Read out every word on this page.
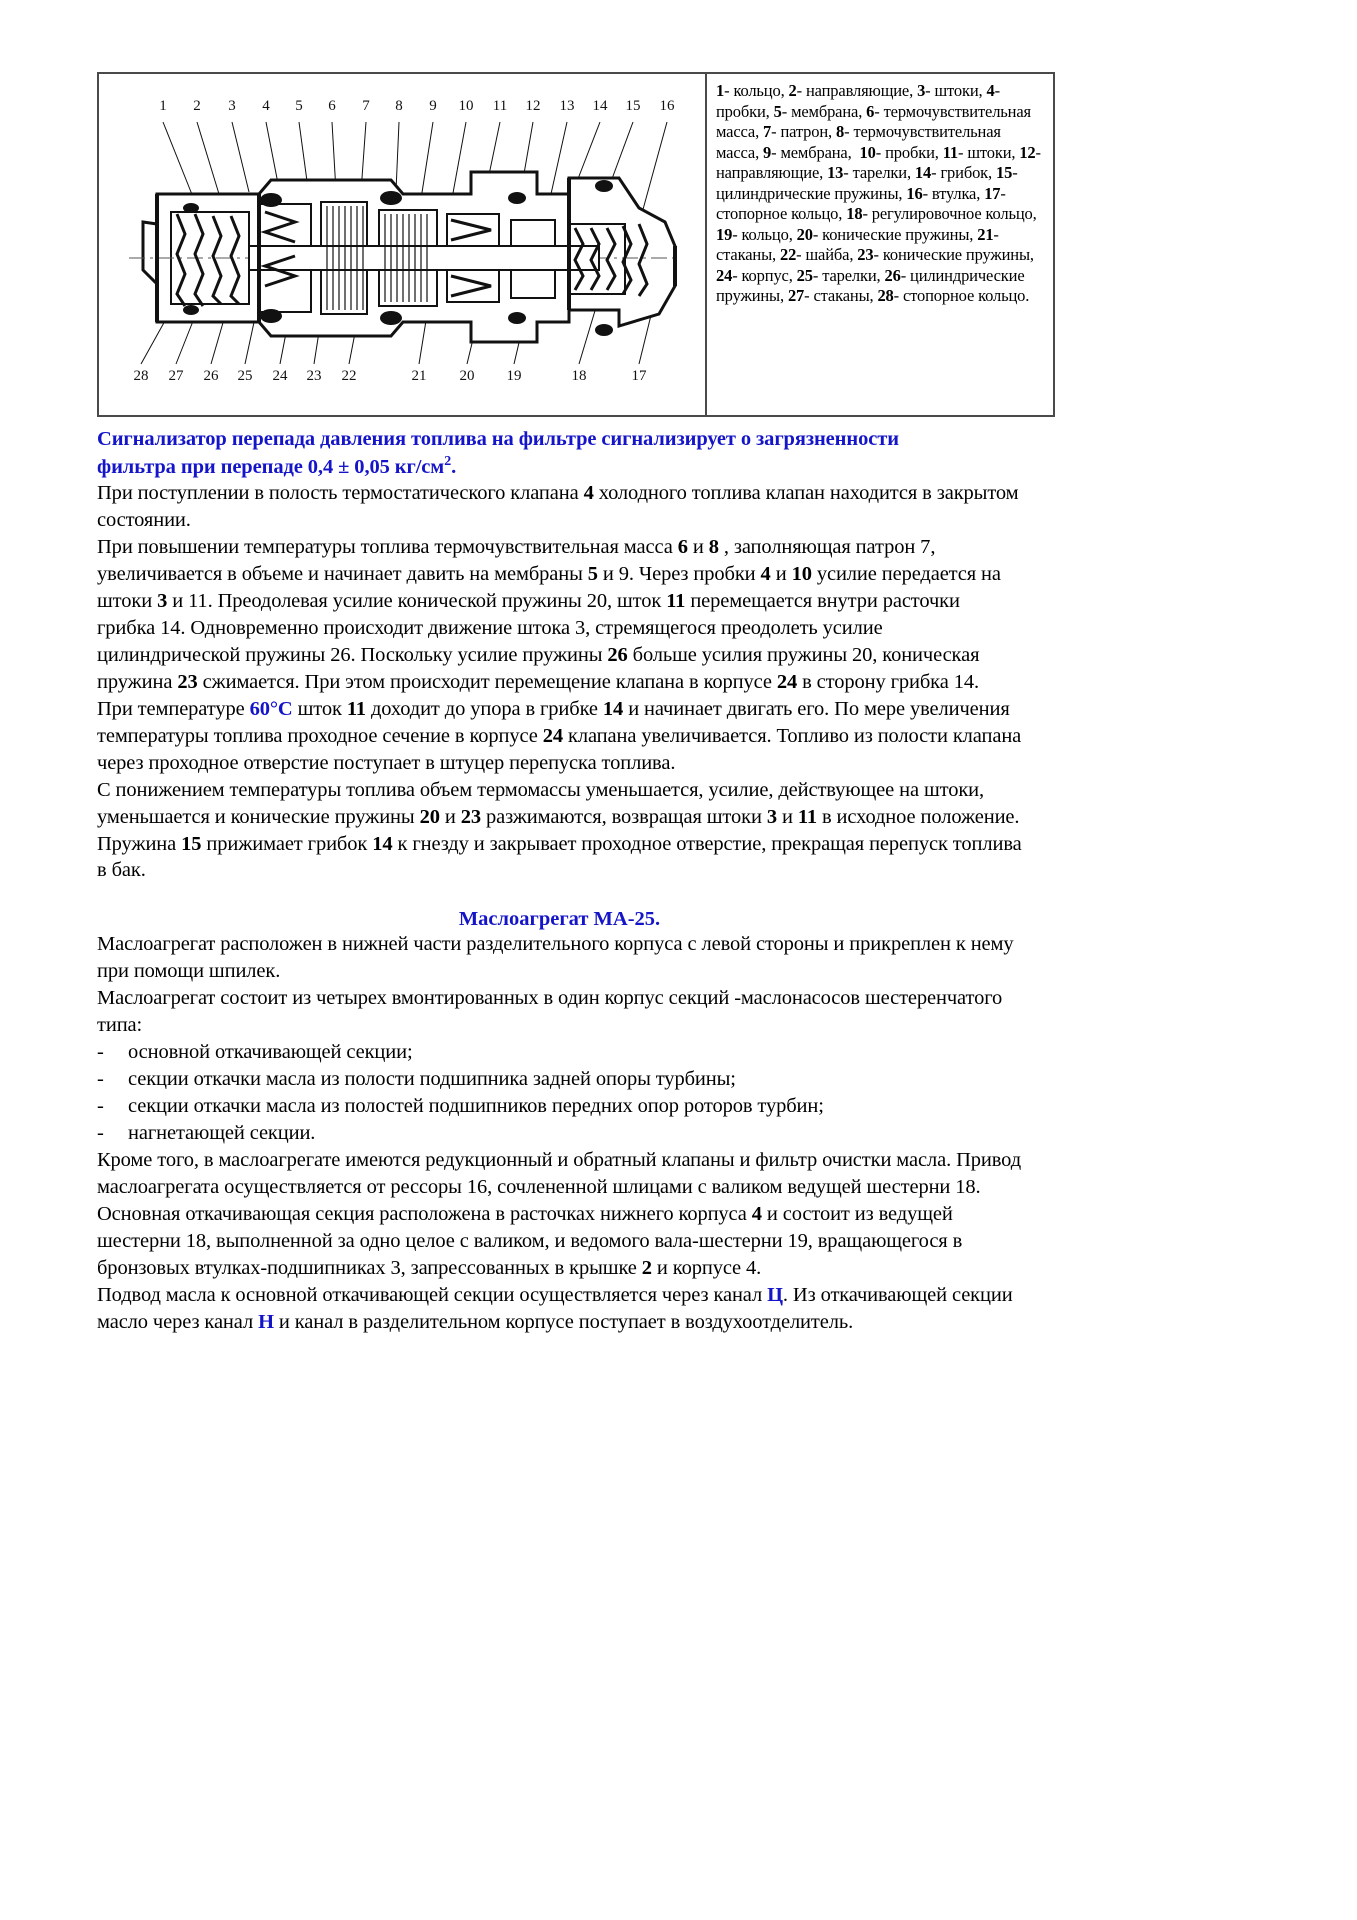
1 2 3 4 5 6 7 8 9 10 11 12 13 14 15 16
28 27 26 25 24 23 22	21 20 19	18	17
1- кольцо, 2- направляющие, 3- штоки, 4- пробки, 5- мембрана, 6- термочувствительная масса, 7- патрон, 8- термочувствительная масса, 9- мембрана,  10- пробки, 11- штоки, 12- направляющие, 13- тарелки, 14- грибок, 15- цилиндрические пружины, 16- втулка, 17- стопорное кольцо, 18- регулировочное кольцо, 19- кольцо, 20- конические пружины, 21- стаканы, 22- шайба, 23- конические пружины, 24- корпус, 25- тарелки, 26- цилиндрические пружины, 27- стаканы, 28- стопорное кольцо.
Сигнализатор перепада давления топлива на фильтре сигнализирует о загрязненности
фильтра при перепаде 0,4 ± 0,05 $кг/см^2$.

При поступлении в полость термостатического клапана 4 холодного топлива клапан находится в закрытом состоянии.

При повышении температуры топлива термочувствительная масса 6 и 8 , заполняющая патрон 7, увеличивается в объеме и начинает давить на мембраны 5 и 9. Через пробки 4 и 10 усилие передается на штоки 3 и 11. Преодолевая усилие конической пружины 20, шток 11 перемещается внутри расточки грибка 14. Одновременно происходит движение штока 3, стремящегося преодолеть усилие цилиндрической пружины 26. Поскольку усилие пружины 26 больше усилия пружины 20, коническая пружина 23 сжимается. При этом происходит перемещение клапана в корпусе 24 в сторону грибка 14.

При температуре 60°С шток 11 доходит до упора в грибке 14 и начинает двигать его. По мере увеличения температуры топлива проходное сечение в корпусе 24 клапана увеличивается. Топливо из полости клапана через проходное отверстие поступает в штуцер перепуска топлива.

С понижением температуры топлива объем термомассы уменьшается, усилие, действующее на штоки, уменьшается и конические пружины 20 и 23 разжимаются, возвращая штоки 3 и 11 в исходное положение. Пружина 15 прижимает грибок 14 к гнезду и закрывает проходное отверстие, прекращая перепуск топлива в бак.

Маслоагрегат МА-25.

Маслоагрегат расположен в нижней части разделительного корпуса с левой стороны и прикреплен к нему при помощи шпилек.

Маслоагрегат состоит из четырех вмонтированных в один корпус секций -маслонасосов шестеренчатого типа:

- основной откачивающей секции;
- секции откачки масла из полости подшипника задней опоры турбины;
- секции откачки масла из полостей подшипников передних опор роторов турбин;
- нагнетающей секции.

Кроме того, в маслоагрегате имеются редукционный и обратный клапаны и фильтр очистки масла. Привод маслоагрегата осуществляется от рессоры 16, сочлененной шлицами с валиком ведущей шестерни 18.

Основная откачивающая секция расположена в расточках нижнего корпуса 4 и состоит из ведущей шестерни 18, выполненной за одно целое с валиком, и ведомого вала-шестерни 19, вращающегося в бронзовых втулках-подшипниках 3, запрессованных в крышке 2 и корпусе 4.

Подвод масла к основной откачивающей секции осуществляется через канал Ц. Из откачивающей секции масло через канал Н и канал в разделительном корпусе поступает в воздухоотделитель.
